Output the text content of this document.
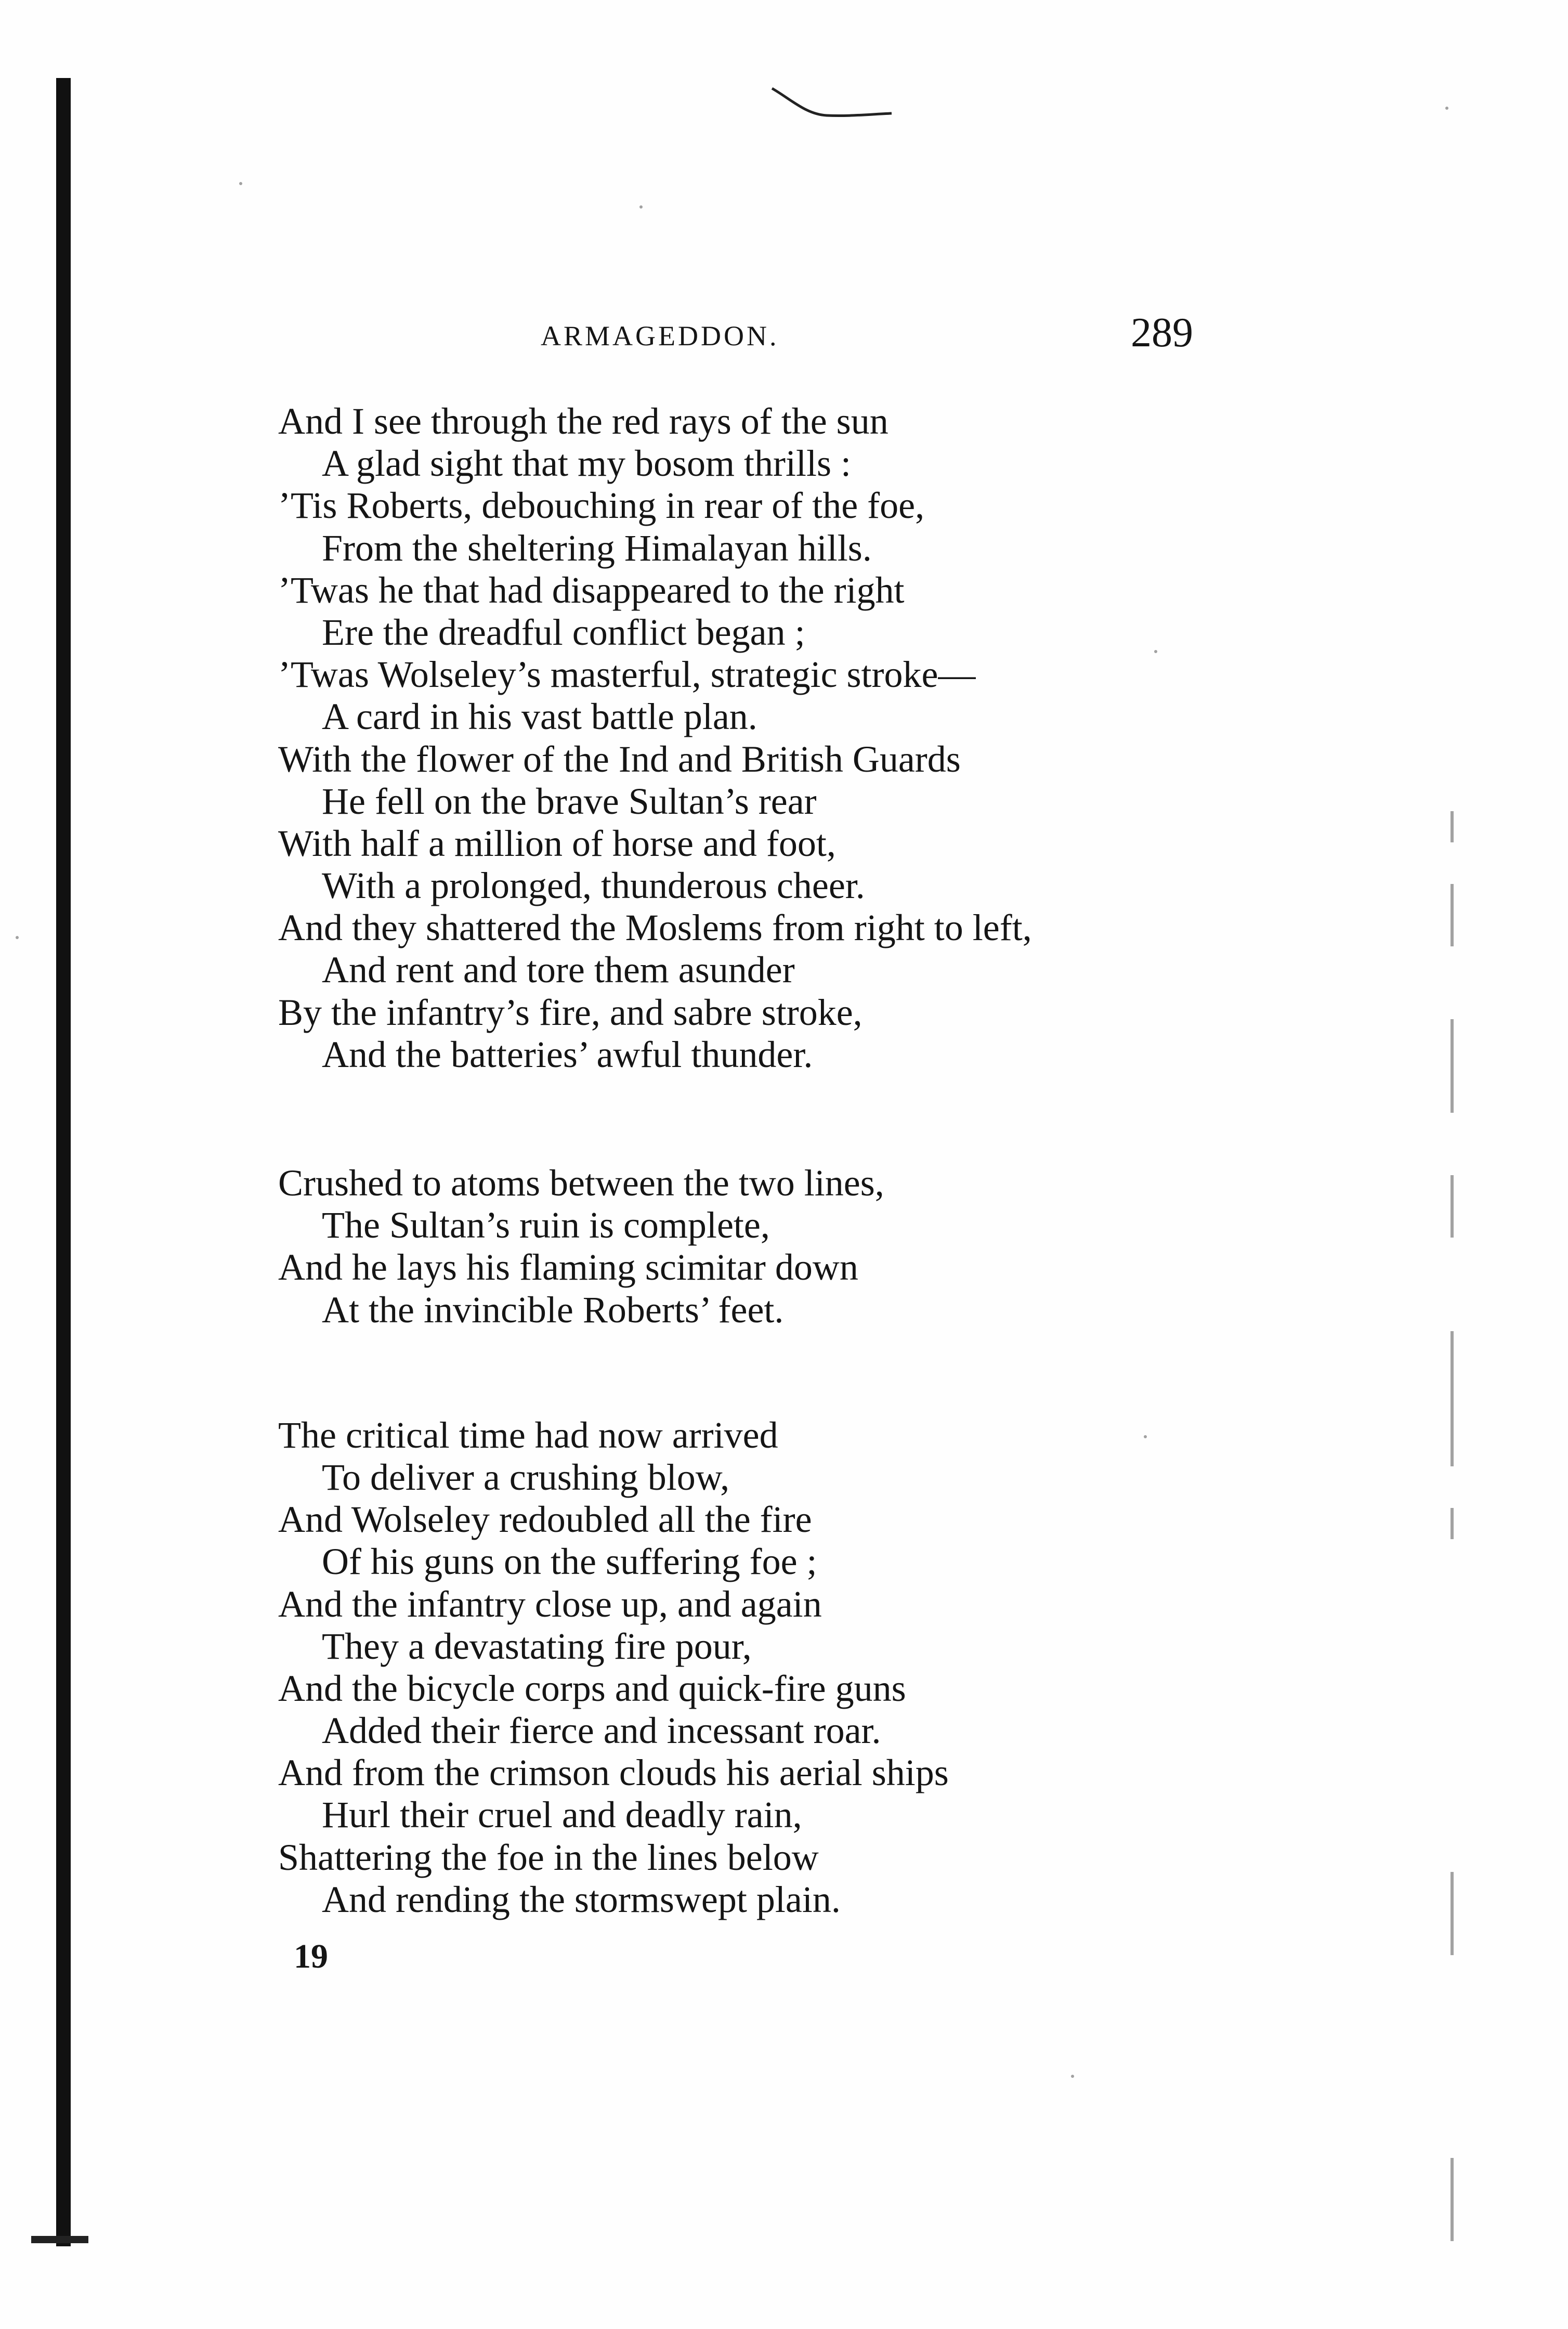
ARMAGEDDON.	289
And I see through the red rays of the sun
A glad sight that my bosom thrills :
’Tis Roberts, debouching in rear of the foe,
From the sheltering Himalayan hills.
’Twas he that had disappeared to the right
Ere the dreadful conflict began ;
’Twas Wolseley’s masterful, strategic stroke—
A card in his vast battle plan.
With the flower of the Ind and British Guards
He fell on the brave Sultan’s rear
With half a million of horse and foot,
With a prolonged, thunderous cheer.
And they shattered the Moslems from right to left,
And rent and tore them asunder
By the infantry’s fire, and sabre stroke,
And the batteries’ awful thunder.
Crushed to atoms between the two lines,
The Sultan’s ruin is complete,
And he lays his flaming scimitar down
At the invincible Roberts’ feet.
The critical time had now arrived
To deliver a crushing blow,
And Wolseley redoubled all the fire
Of his guns on the suffering foe ;
And the infantry close up, and again
They a devastating fire pour,
And the bicycle corps and quick-fire guns
Added their fierce and incessant roar.
And from the crimson clouds his aerial ships
Hurl their cruel and deadly rain,
Shattering the foe in the lines below
And rending the stormswept plain.
19
